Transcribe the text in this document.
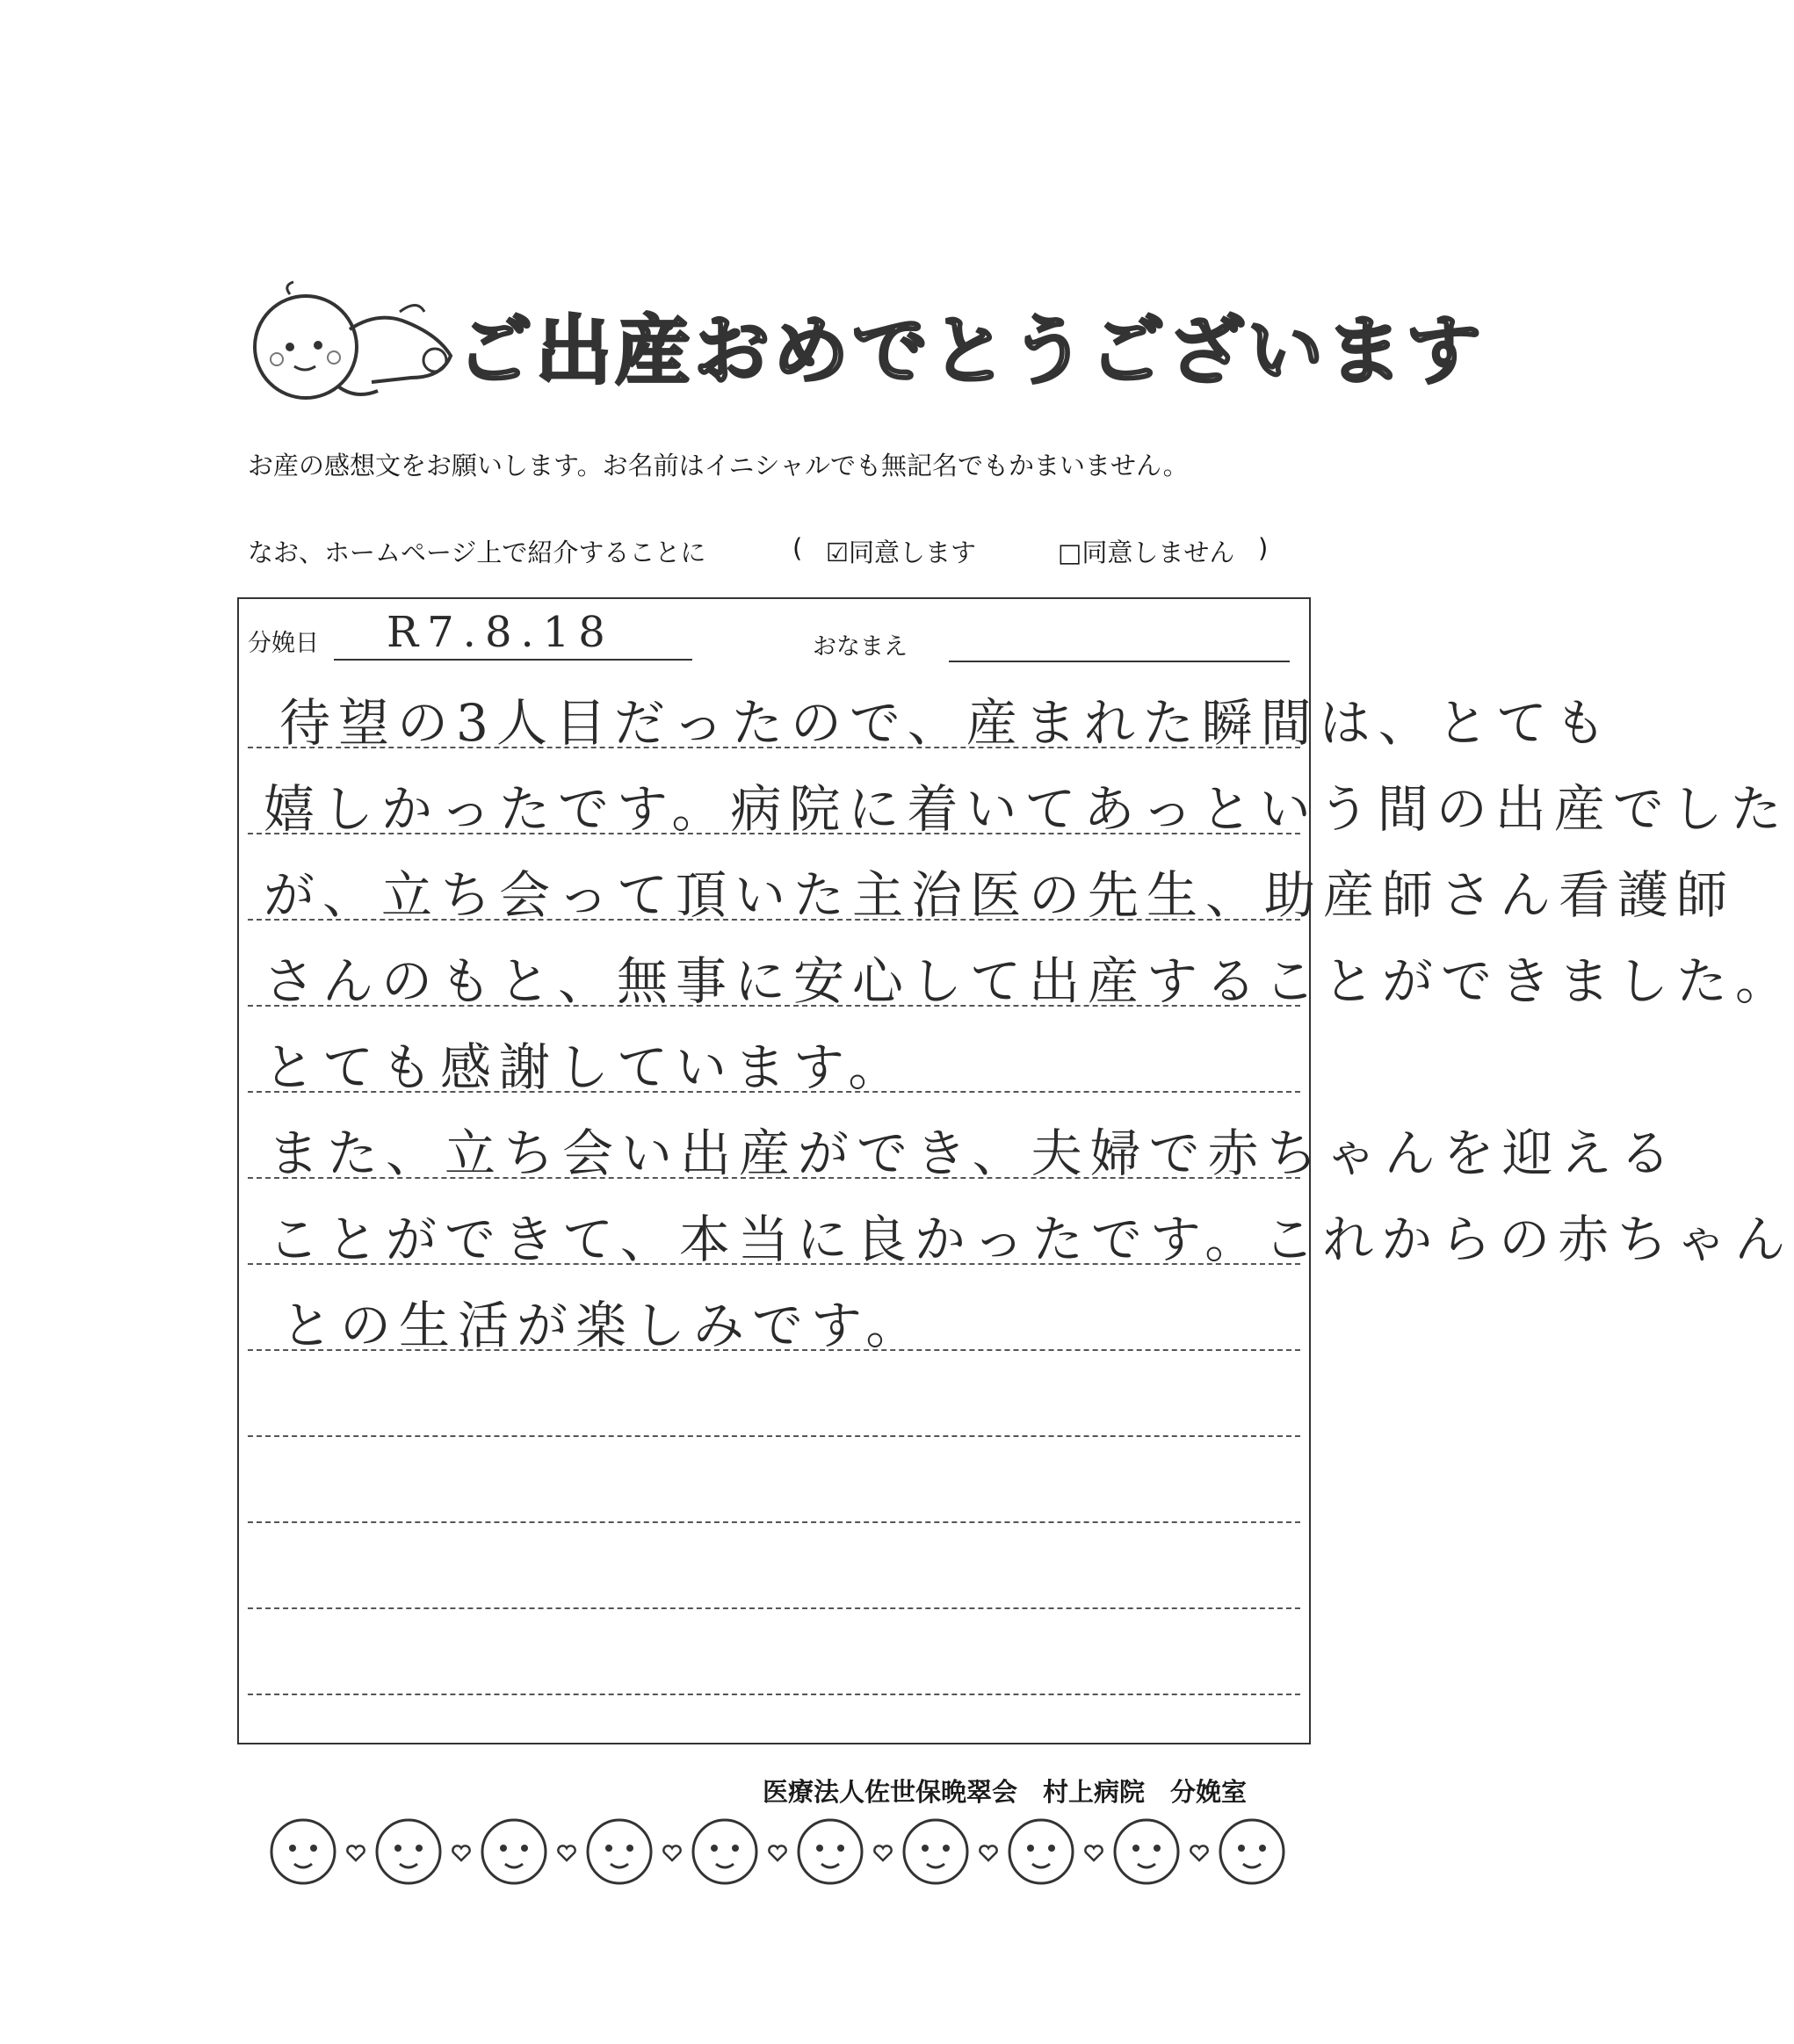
ご出産おめでとうございます
お産の感想文をお願いします。お名前はイニシャルでも無記名でもかまいません。
なお、ホームページ上で紹介することに	( ☑同意します	□同意しません )
分娩日 R7.8.18	おなまえ
待望の3人目だったので、産まれた瞬間は、とても
嬉しかったです。病院に着いてあっという間の出産でした
が、立ち会って頂いた主治医の先生、助産師さん看護師
さんのもと、無事に安心して出産することができました。
とても感謝しています。
また、立ち会い出産ができ、夫婦で赤ちゃんを迎える
ことができて、本当に良かったです。これからの赤ちゃん
との生活が楽しみです。
医療法人佐世保晩翠会　村上病院　分娩室
